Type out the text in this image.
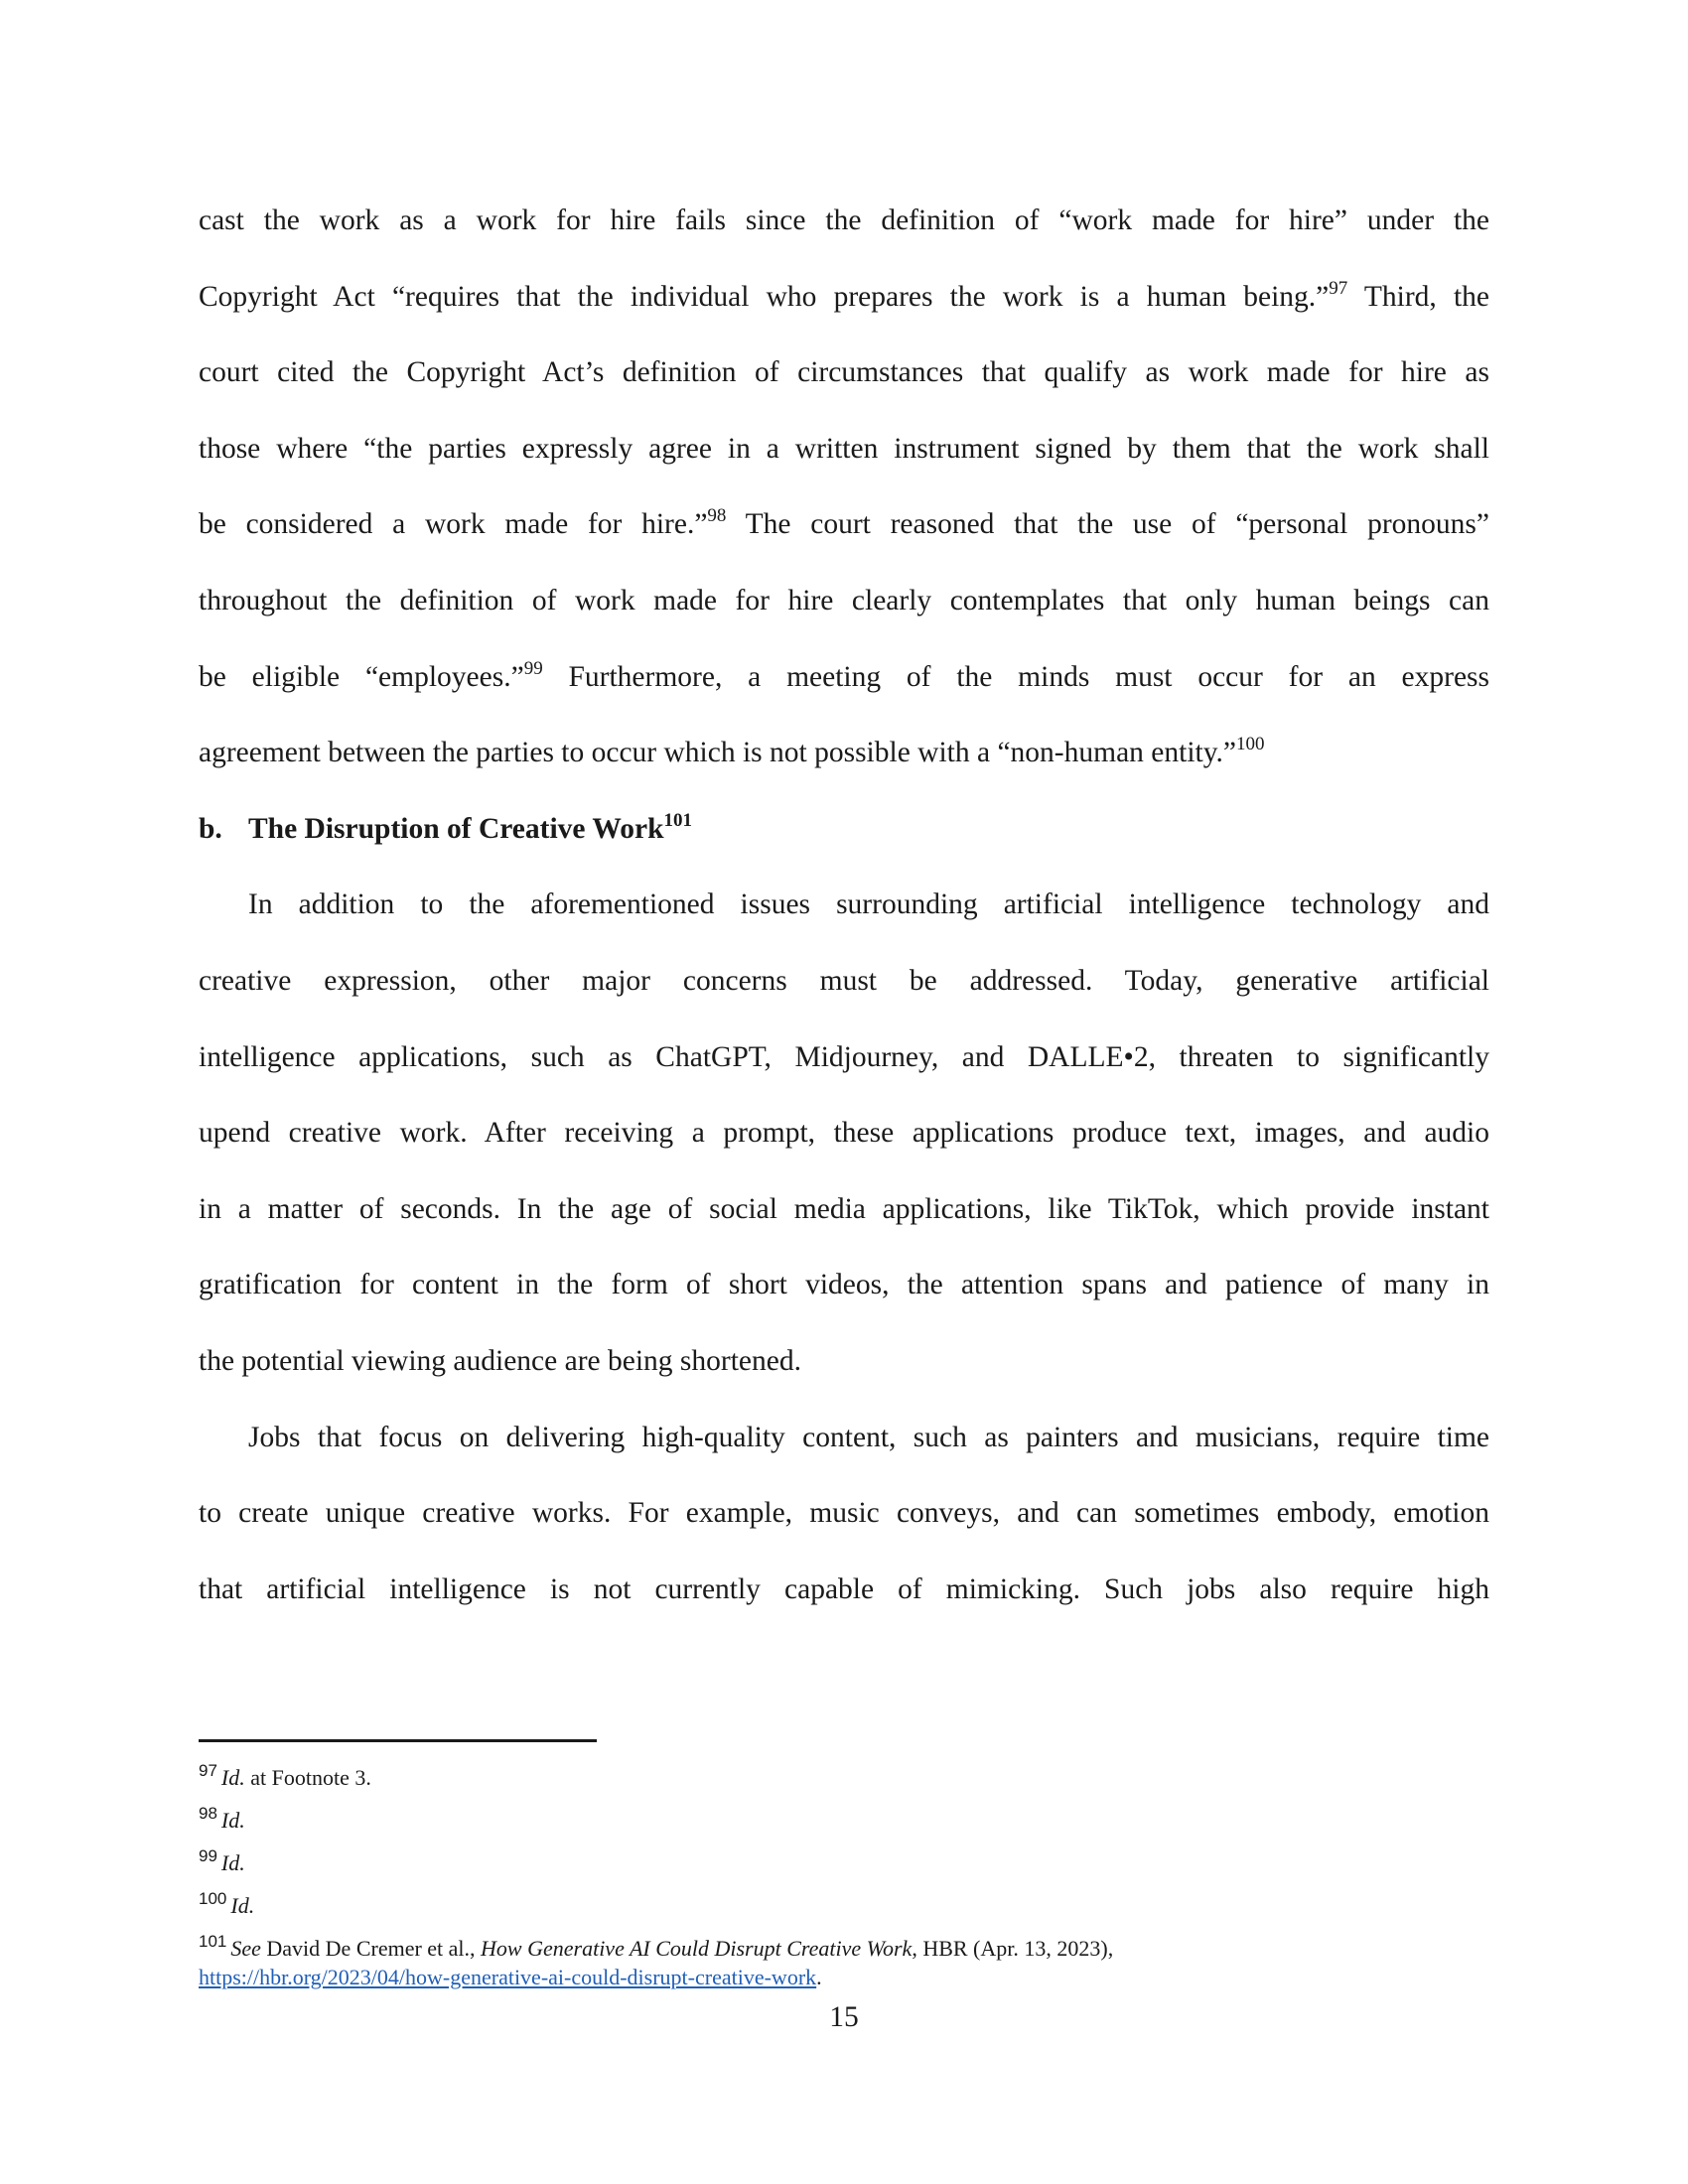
cast the work as a work for hire fails since the definition of “work made for hire” under the
Copyright Act “requires that the individual who prepares the work is a human being.”$^{97}$ Third, the
court cited the Copyright Act’s definition of circumstances that qualify as work made for hire as
those where “the parties expressly agree in a written instrument signed by them that the work shall
be considered a work made for hire.”$^{98}$ The court reasoned that the use of “personal pronouns”
throughout the definition of work made for hire clearly contemplates that only human beings can
be eligible “employees.”$^{99}$ Furthermore, a meeting of the minds must occur for an express
agreement between the parties to occur which is not possible with a “non-human entity.”$^{100}$
b. The Disruption of Creative Work$^{101}$
In addition to the aforementioned issues surrounding artificial intelligence technology and
creative expression, other major concerns must be addressed. Today, generative artificial
intelligence applications, such as ChatGPT, Midjourney, and DALLE•2, threaten to significantly
upend creative work. After receiving a prompt, these applications produce text, images, and audio
in a matter of seconds. In the age of social media applications, like TikTok, which provide instant
gratification for content in the form of short videos, the attention spans and patience of many in
the potential viewing audience are being shortened.
Jobs that focus on delivering high-quality content, such as painters and musicians, require time
to create unique creative works. For example, music conveys, and can sometimes embody, emotion
that artificial intelligence is not currently capable of mimicking. Such jobs also require high
$^{97}$ Id. at Footnote 3.
$^{98}$ Id.
$^{99}$ Id.
$^{100}$ Id.
$^{101}$ See David De Cremer et al., How Generative AI Could Disrupt Creative Work, HBR (Apr. 13, 2023),
https://hbr.org/2023/04/how-generative-ai-could-disrupt-creative-work.
15
